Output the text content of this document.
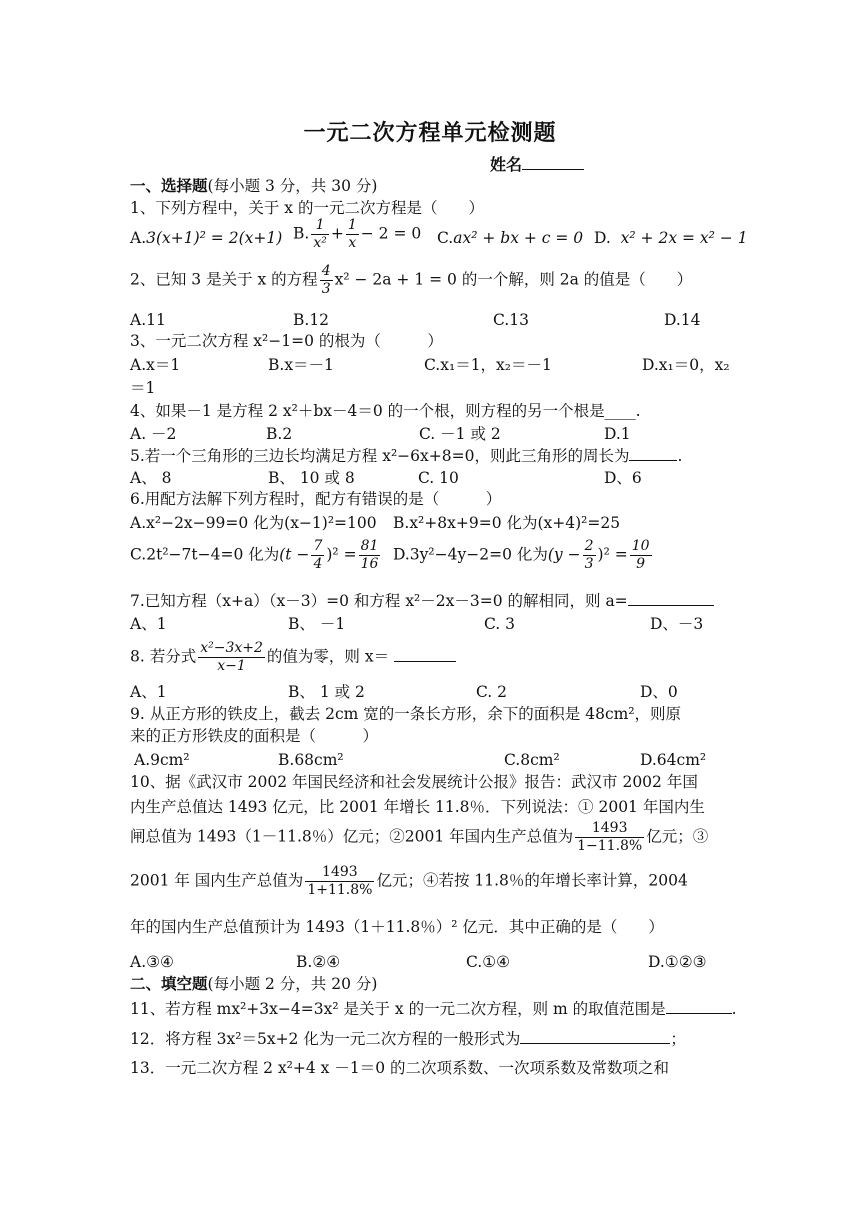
一元二次方程单元检测题
姓名
一、选择题(每小题 3 分，共 30 分)
1、下列方程中，关于 x 的一元二次方程是（　　）
A.3(x+1)² = 2(x+1) B. $\frac{1}{\text{x²}} + \frac{1}{x} - 2 = 0$ C.ax² + bx + c = 0 D. x² + 2x = x² − 1
2、已知 3 是关于 x 的方程 $\frac{4}{3} x^2 - 2a + 1 = 0$ 的一个解，则 2a 的值是（　　）
A.11	B.12	C.13	D.14
3、一元二次方程 x²−1=0 的根为（　　　）
A.x＝1	B.x＝－1	C.x₁＝1，x₂＝－1	D.x₁＝0，x₂
＝1
4、如果－1 是方程 2 x²＋bx－4＝0 的一个根，则方程的另一个根是____.
A. －2	B.2	C. －1 或 2	D.1
5.若一个三角形的三边长均满足方程 x²−6x+8=0，则此三角形的周长为	.
A、 8	B、 10 或 8	C. 10	D、6
6.用配方法解下列方程时，配方有错误的是（　　　）
A.x²−2x−99=0 化为(x−1)²=100 B.x²+8x+9=0 化为(x+4)²=25
C.2t²−7t−4=0 化为$(t - \frac{7}{4} )^2 = \frac{81}{16} D.3y^2-4y-2=0$ 化为$(y - \frac{2}{3} )^2 = \frac{10}{9}$
7.已知方程（x+a）（x－3）=0 和方程 x²－2x－3=0 的解相同，则 a=
A、1	B、 －1	C. 3	D、－3
8. 若分式 $\frac{\text{x²−3x+2}}{x-1}$ 的值为零，则 x＝
A、1	B、 1 或 2	C. 2	D、0
9. 从正方形的铁皮上，截去 2cm 宽的一条长方形，余下的面积是 48cm²，则原
来的正方形铁皮的面积是（　　　）
A.9cm²	B.68cm²	C.8cm²	D.64cm²
10、据《武汉市 2002 年国民经济和社会发展统计公报》报告：武汉市 2002 年国
内生产总值达 1493 亿元，比 2001 年增长 11.8％．下列说法：① 2001 年国内生
闸总值为 1493（1－11.8％）亿元；②2001 年国内生产总值为 $\frac{1493}{1-11.8\%}$ 亿元；③
2001 年 国内生产总值为 $\frac{1493}{1+11.8\%}$ 亿元；④若按 11.8％的年增长率计算，2004
年的国内生产总值预计为 1493（1＋11.8％）² 亿元．其中正确的是（　　）
A.③④	B.②④	C.①④	D.①②③
二、填空题(每小题 2 分，共 20 分)
11、若方程 mx²+3x−4=3x² 是关于 x 的一元二次方程，则 m 的取值范围是	.
12．将方程 3x²＝5x+2 化为一元二次方程的一般形式为	；
13．一元二次方程 2 x²+4 x －1＝0 的二次项系数、一次项系数及常数项之和
